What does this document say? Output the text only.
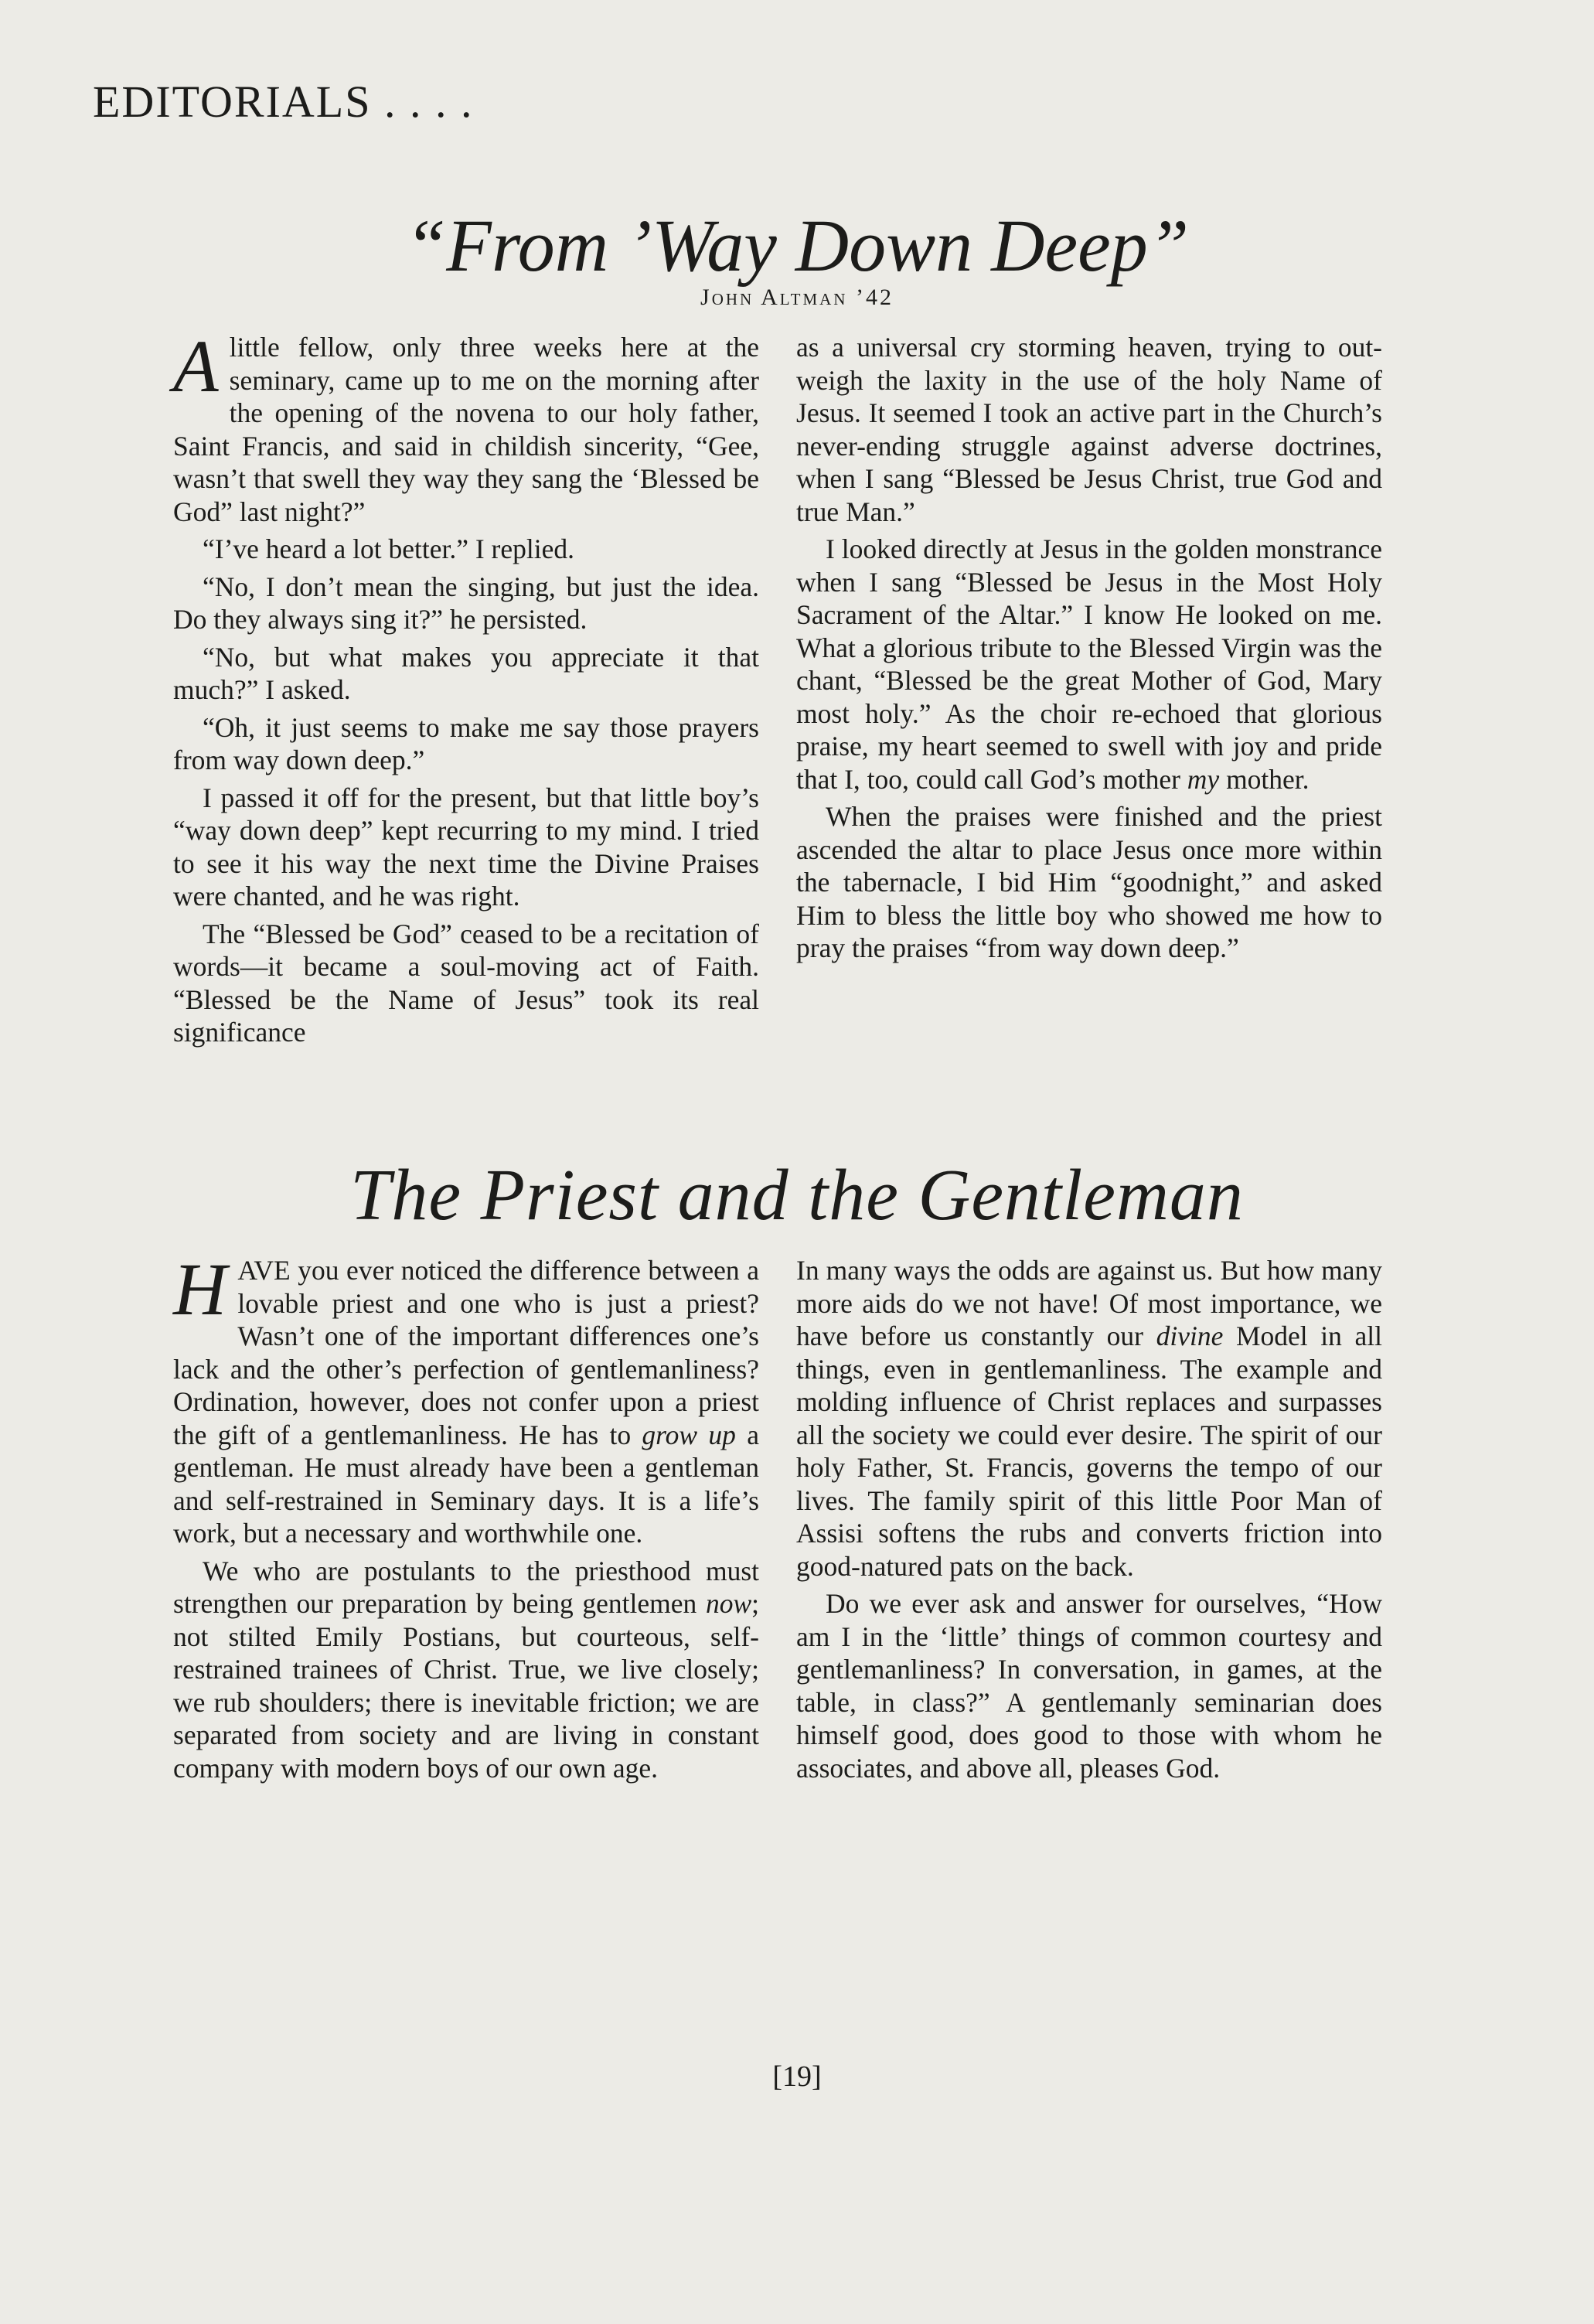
EDITORIALS . . . .
“From ’Way Down Deep”
John Altman ’42

Alittle fellow, only three weeks here at the seminary, came up to me on the morning after the opening of the novena to our holy father, Saint Francis, and said in childish sincerity, “Gee, wasn’t that swell they way they sang the ‘Blessed be God” last night?”

“I’ve heard a lot better.” I replied.

“No, I don’t mean the singing, but just the idea. Do they always sing it?” he persisted.

“No, but what makes you appreciate it that much?” I asked.

“Oh, it just seems to make me say those prayers from way down deep.”

I passed it off for the present, but that little boy’s “way down deep” kept recurring to my mind. I tried to see it his way the next time the Divine Praises were chanted, and he was right.

The “Blessed be God” ceased to be a recitation of words—it became a soul-moving act of Faith. “Blessed be the Name of Jesus” took its real significance

as a universal cry storming heaven, trying to out-weigh the laxity in the use of the holy Name of Jesus. It seemed I took an active part in the Church’s never-ending struggle against adverse doctrines, when I sang “Blessed be Jesus Christ, true God and true Man.”

I looked directly at Jesus in the golden monstrance when I sang “Blessed be Jesus in the Most Holy Sacrament of the Altar.” I know He looked on me. What a glorious tribute to the Blessed Virgin was the chant, “Blessed be the great Mother of God, Mary most holy.” As the choir re-echoed that glorious praise, my heart seemed to swell with joy and pride that I, too, could call God’s mother my mother.

When the praises were finished and the priest ascended the altar to place Jesus once more within the tabernacle, I bid Him “goodnight,” and asked Him to bless the little boy who showed me how to pray the praises “from way down deep.”

The Priest and the Gentleman

HAVE you ever noticed the difference between a lovable priest and one who is just a priest? Wasn’t one of the important differences one’s lack and the other’s perfection of gentlemanliness? Ordination, however, does not confer upon a priest the gift of a gentlemanliness. He has to grow up a gentleman. He must already have been a gentleman and self-restrained in Seminary days. It is a life’s work, but a necessary and worthwhile one.

We who are postulants to the priesthood must strengthen our preparation by being gentlemen now; not stilted Emily Postians, but courteous, self-restrained trainees of Christ. True, we live closely; we rub shoulders; there is inevitable friction; we are separated from society and are living in constant company with modern boys of our own age.

In many ways the odds are against us. But how many more aids do we not have! Of most importance, we have before us constantly our divine Model in all things, even in gentlemanliness. The example and molding influence of Christ replaces and surpasses all the society we could ever desire. The spirit of our holy Father, St. Francis, governs the tempo of our lives. The family spirit of this little Poor Man of Assisi softens the rubs and converts friction into good-natured pats on the back.

Do we ever ask and answer for ourselves, “How am I in the ‘little’ things of common courtesy and gentlemanliness? In conversation, in games, at the table, in class?” A gentlemanly seminarian does himself good, does good to those with whom he associates, and above all, pleases God.

[19]
